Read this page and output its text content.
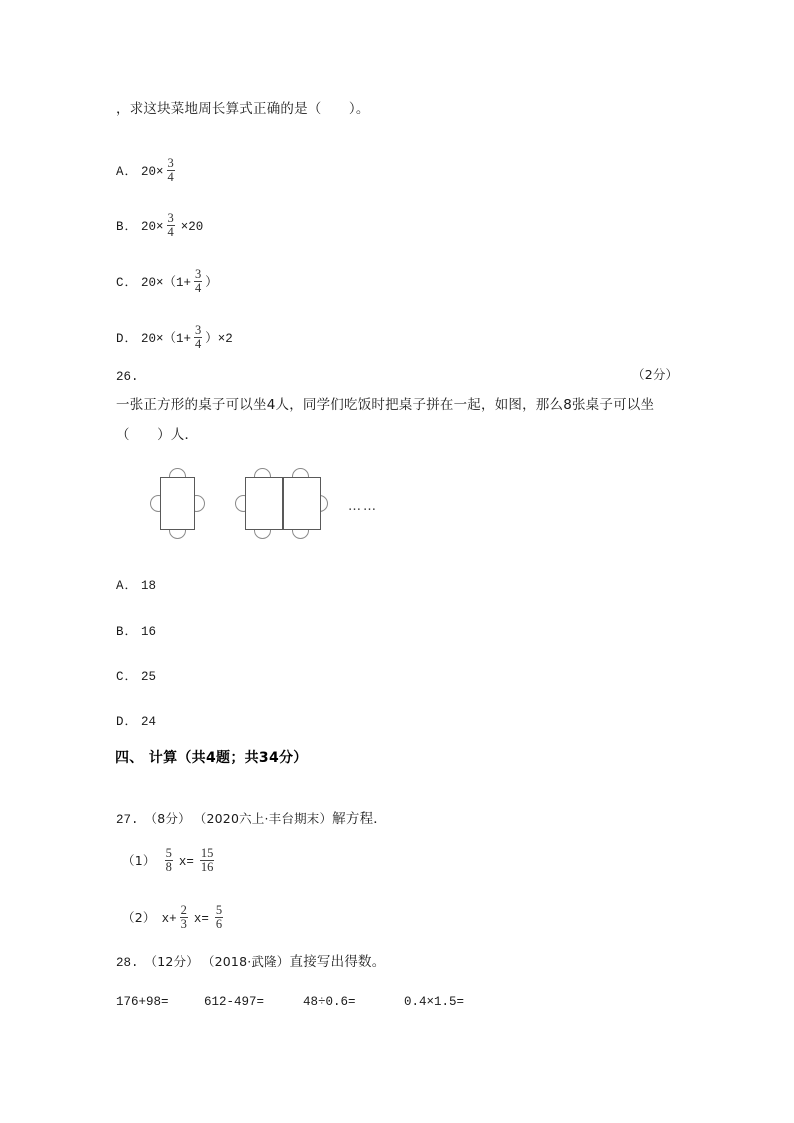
，求这块菜地周长算式正确的是（　　）。
A． $20\times \frac{3}{4}$
B． $20\times \frac{3}{4} \times 20$
C． $20\times(1+ \frac{3}{4}$ ）
D． $20\times(1+ \frac{3}{4} )\times 2$
26.	（2分）
一张正方形的桌子可以坐4人，同学们吃饭时把桌子拼在一起，如图，那么8张桌子可以坐
（　　）人．
……
A． 18
B． 16
C． 25
D． 24
四、 计算（共4题；共34分）
27. （8分） （2020六上·丰台期末） 解方程．
$(1) \frac{5}{8} x= \frac{15}{16}$
（2） $x+ \frac{2}{3} x= \frac{5}{6}$
28. （12分） （2018·武隆） 直接写出得数。
176+98=	612-497=	48÷0.6=	0.4×1.5=
